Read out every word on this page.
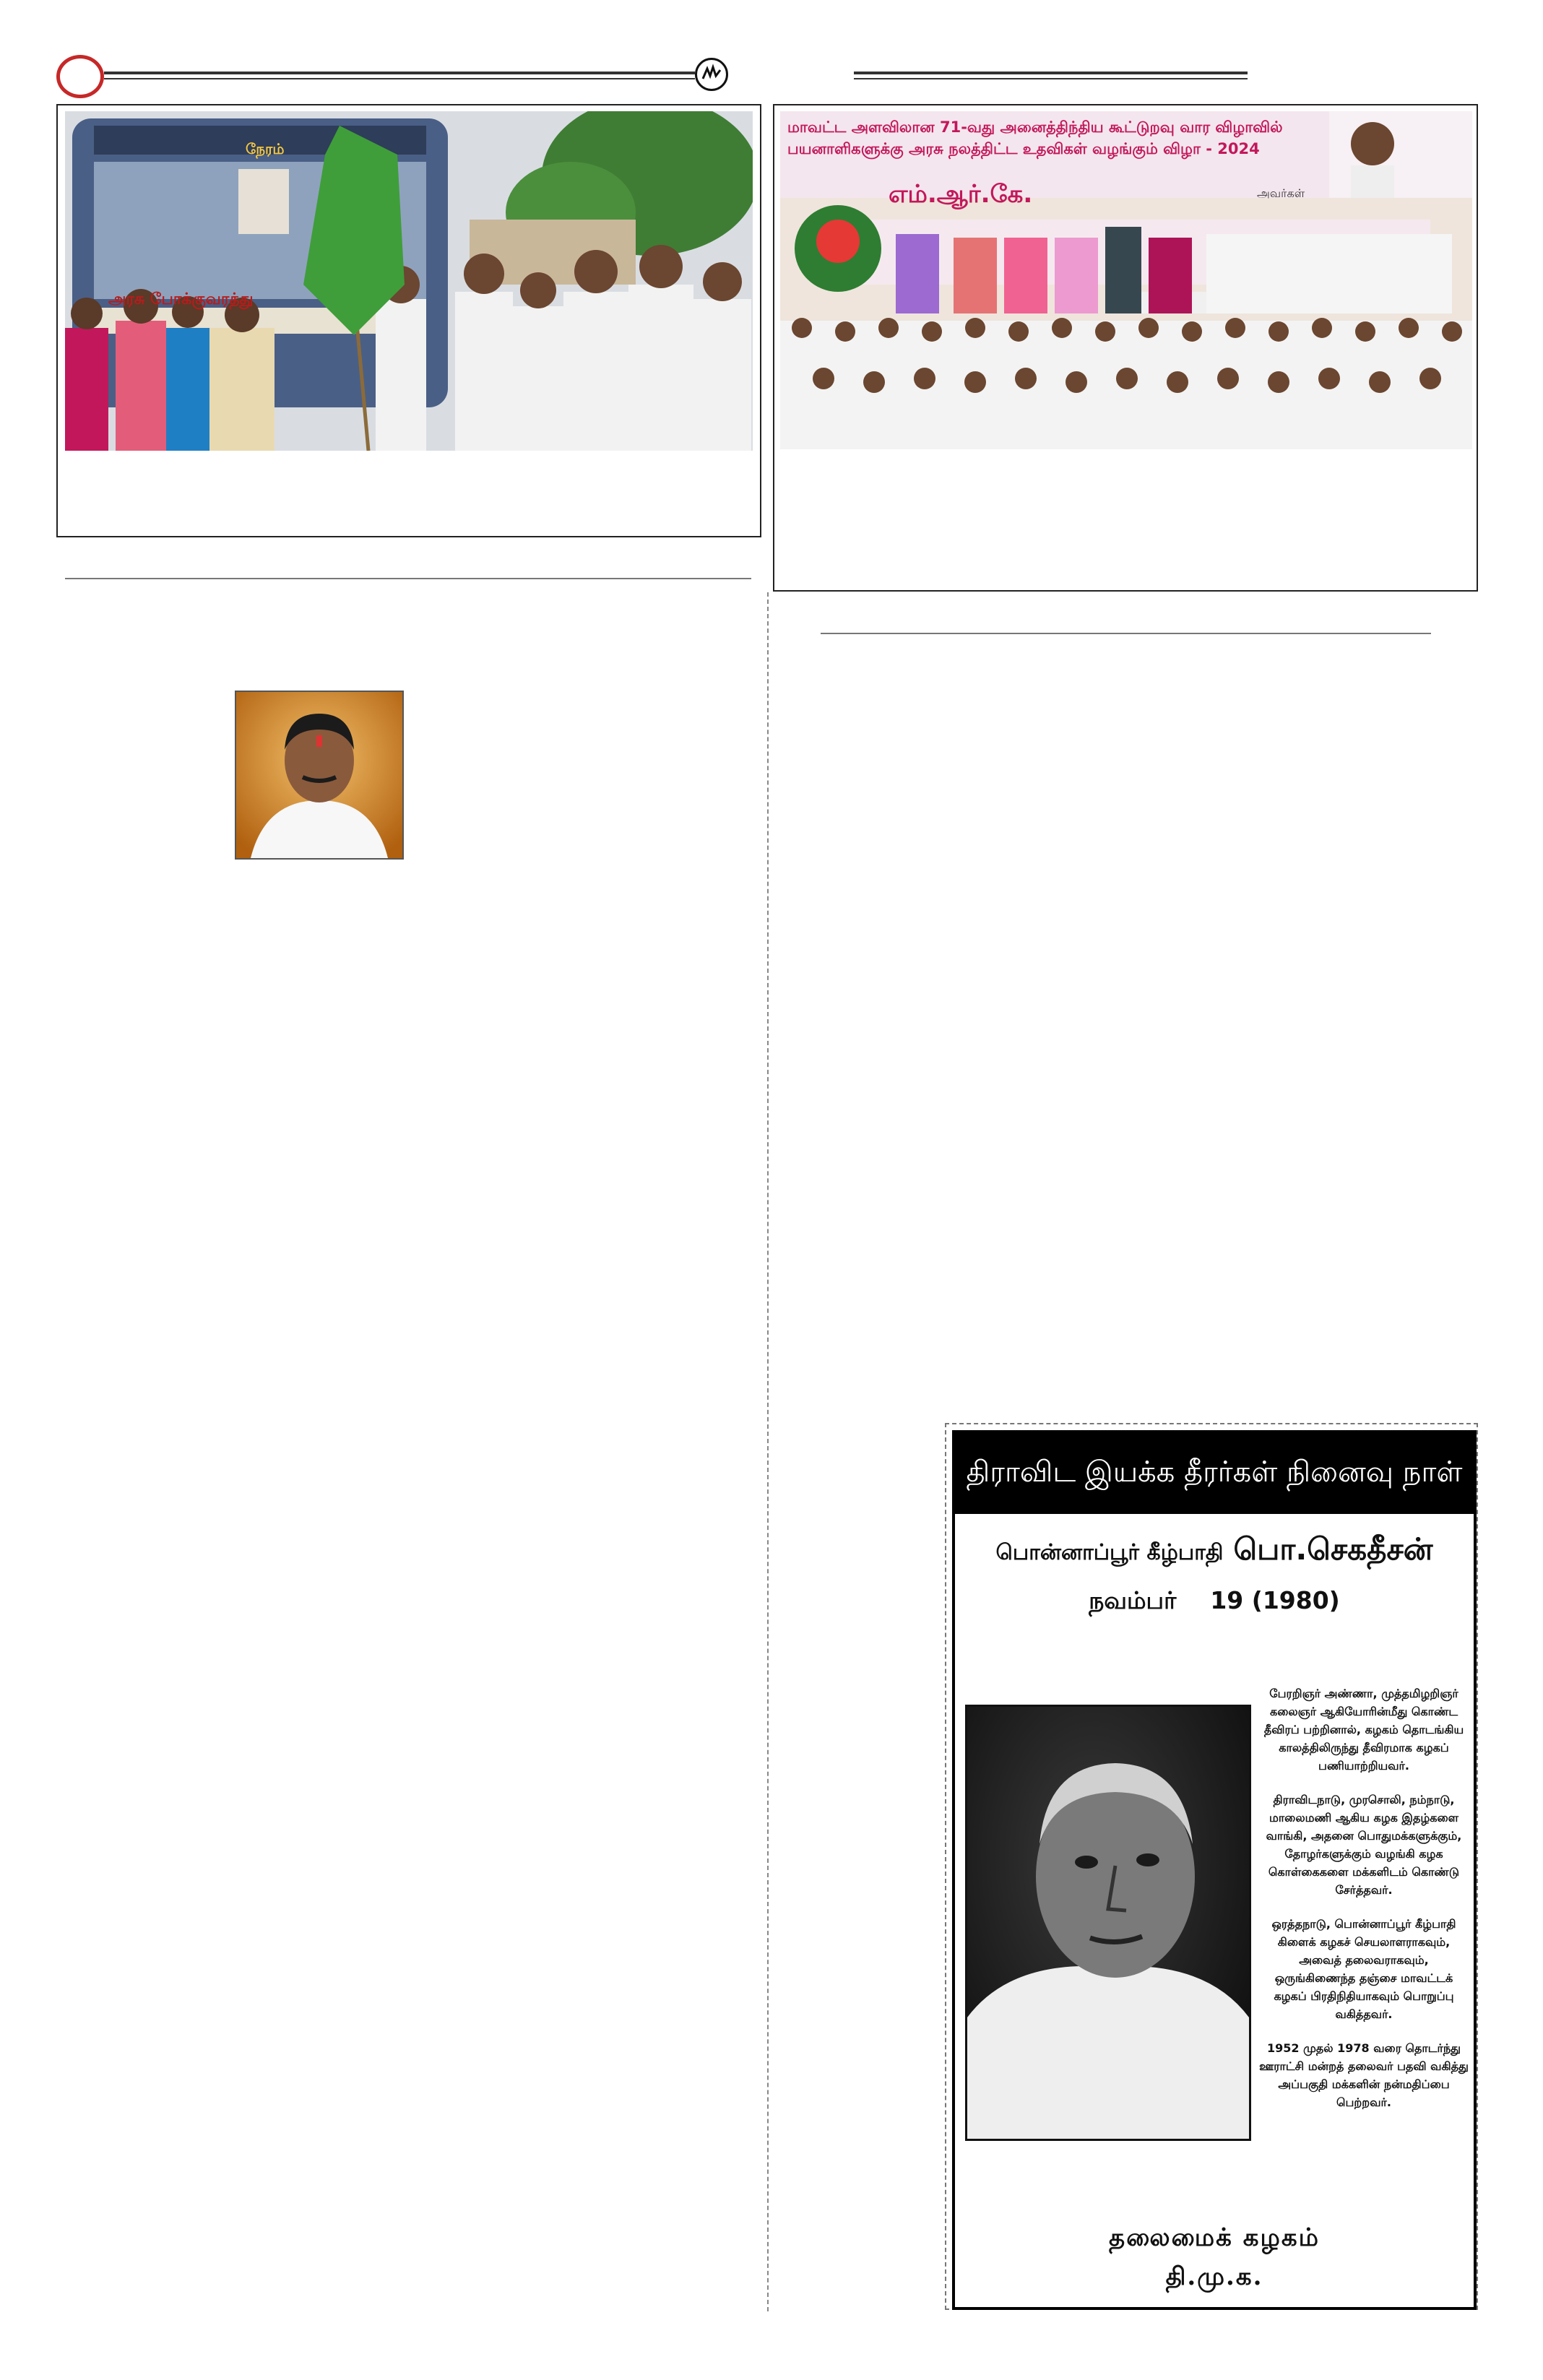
அரசு போக்குவரத்து
நேரம்
மாவட்ட அளவிலான 71-வது அனைத்திந்திய கூட்டுறவு வார விழாவில்
பயனாளிகளுக்கு அரசு நலத்திட்ட உதவிகள் வழங்கும் விழா - 2024
எம்.ஆர்.கே.	அவர்கள்
திராவிட இயக்க தீரர்கள் நினைவு நாள்
பொன்னாப்பூர் கீழ்பாதி பொ.செகதீசன்
நவம்பர் 19 (1980)

பேரறிஞர் அண்ணா, முத்தமிழறிஞர் கலைஞர் ஆகியோரின்மீது கொண்ட தீவிரப் பற்றினால், கழகம் தொடங்கிய காலத்திலிருந்து தீவிரமாக கழகப் பணியாற்றியவர்.

திராவிடநாடு, முரசொலி, நம்நாடு, மாலைமணி ஆகிய கழக இதழ்களை வாங்கி, அதனை பொதுமக்களுக்கும், தோழர்களுக்கும் வழங்கி கழக கொள்கைகளை மக்களிடம் கொண்டு சேர்த்தவர்.

ஒரத்தநாடு, பொன்னாப்பூர் கீழ்பாதி கிளைக் கழகச் செயலாளராகவும், அவைத் தலைவராகவும், ஒருங்கிணைந்த தஞ்சை மாவட்டக் கழகப் பிரதிநிதியாகவும் பொறுப்பு வகித்தவர்.

1952 முதல் 1978 வரை தொடர்ந்து ஊராட்சி மன்றத் தலைவர் பதவி வகித்து அப்பகுதி மக்களின் நன்மதிப்பை பெற்றவர்.

தலைமைக் கழகம்
தி.மு.க.
